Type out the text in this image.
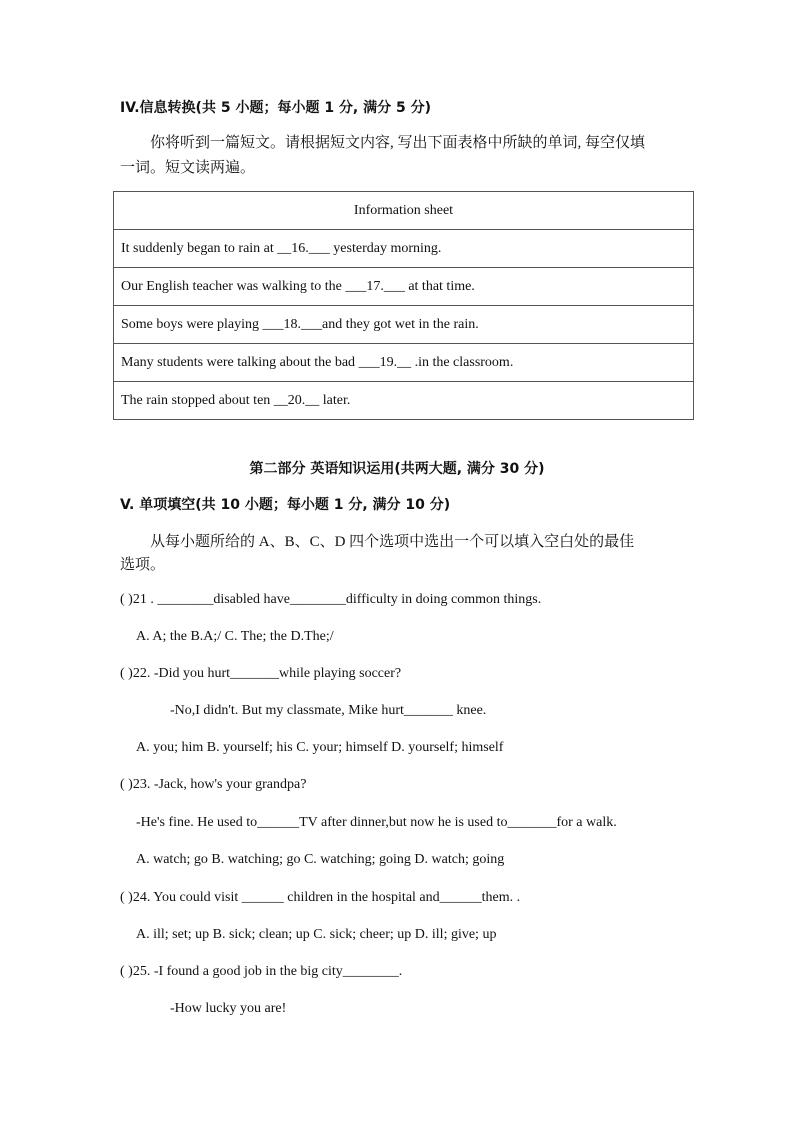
IV.信息转换(共 5 小题；每小题 1 分, 满分 5 分)
你将听到一篇短文。请根据短文内容, 写出下面表格中所缺的单词, 每空仅填
一词。短文读两遍。
Information sheet
It suddenly began to rain at __16.___ yesterday morning.
Our English teacher was walking to the ___17.___ at that time.
Some boys were playing ___18.___and they got wet in the rain.
Many students were talking about the bad ___19.__ .in the classroom.
The rain stopped about ten __20.__ later.
第二部分 英语知识运用(共两大题, 满分 30 分)
V. 单项填空(共 10 小题；每小题 1 分, 满分 10 分)
从每小题所给的 A、B、C、D 四个选项中选出一个可以填入空白处的最佳
选项。
( )21 . ________disabled have________difficulty in doing common things.
A. A; the B.A;/ C. The; the D.The;/
( )22. -Did you hurt_______while playing soccer?
-No,I didn't. But my classmate, Mike hurt_______ knee.
A. you; him B. yourself; his C. your; himself D. yourself; himself
( )23. -Jack, how's your grandpa?
-He's fine. He used to______TV after dinner,but now he is used to_______for a walk.
A. watch; go B. watching; go C. watching; going D. watch; going
( )24. You could visit ______ children in the hospital and______them. .
A. ill; set; up B. sick; clean; up C. sick; cheer; up D. ill; give; up
( )25. -I found a good job in the big city________.
-How lucky you are!
